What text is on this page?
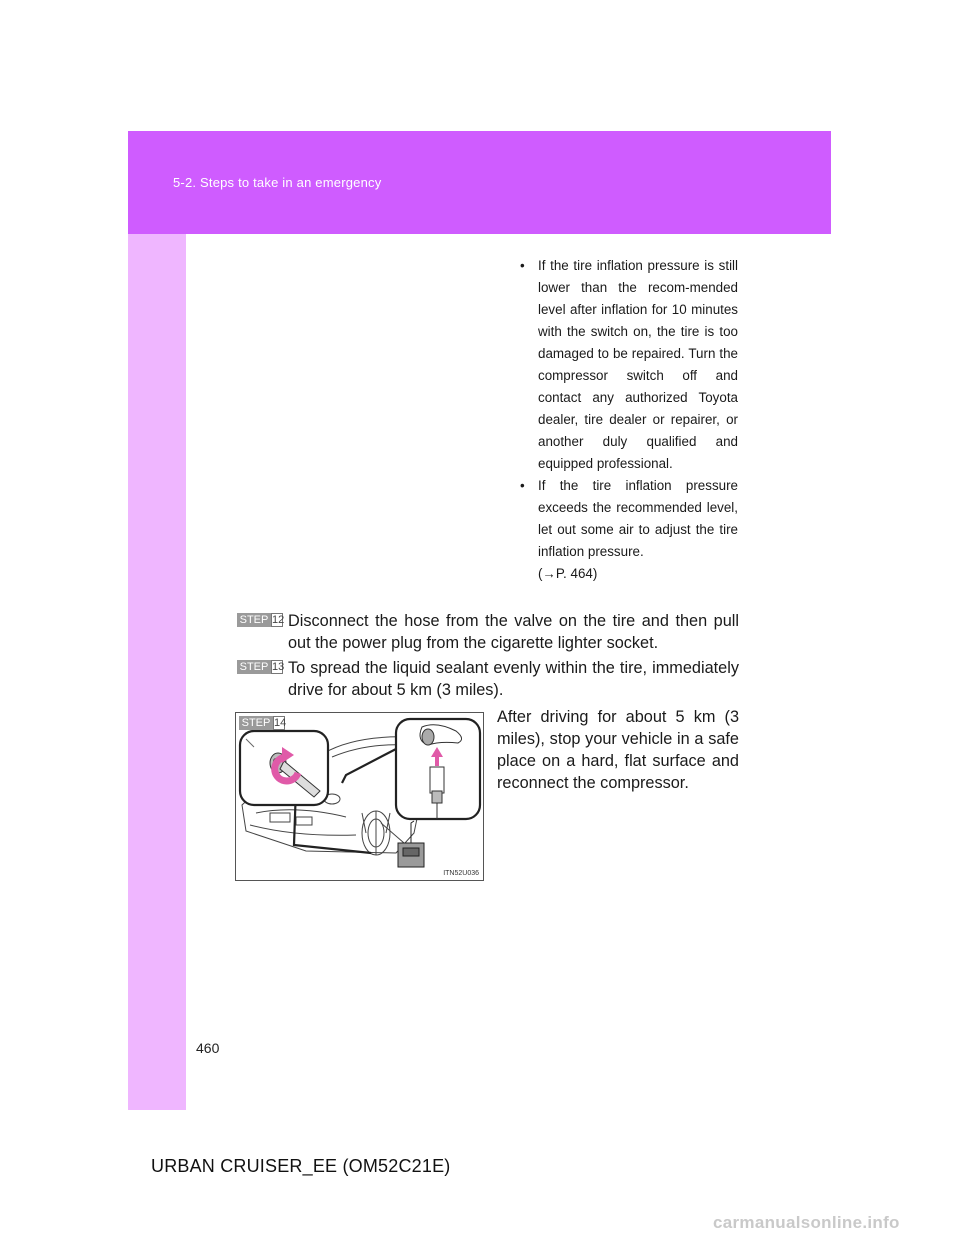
5-2. Steps to take in an emergency
• If the tire inflation pressure is still lower than the recom-mended level after inflation for 10 minutes with the switch on, the tire is too damaged to be repaired. Turn the compressor switch off and contact any authorized Toyota dealer, tire dealer or repairer, or another duly qualified and equipped professional.
• If the tire inflation pressure exceeds the recommended level, let out some air to adjust the tire inflation pressure.
(→P. 464)
STEP 12 Disconnect the hose from the valve on the tire and then pull out the power plug from the cigarette lighter socket.
STEP 13 To spread the liquid sealant evenly within the tire, immediately drive for about 5 km (3 miles).
STEP 14
ITN52U036
After driving for about 5 km (3 miles), stop your vehicle in a safe place on a hard, flat surface and reconnect the compressor.
460
URBAN CRUISER_EE (OM52C21E)
carmanualsonline.info
